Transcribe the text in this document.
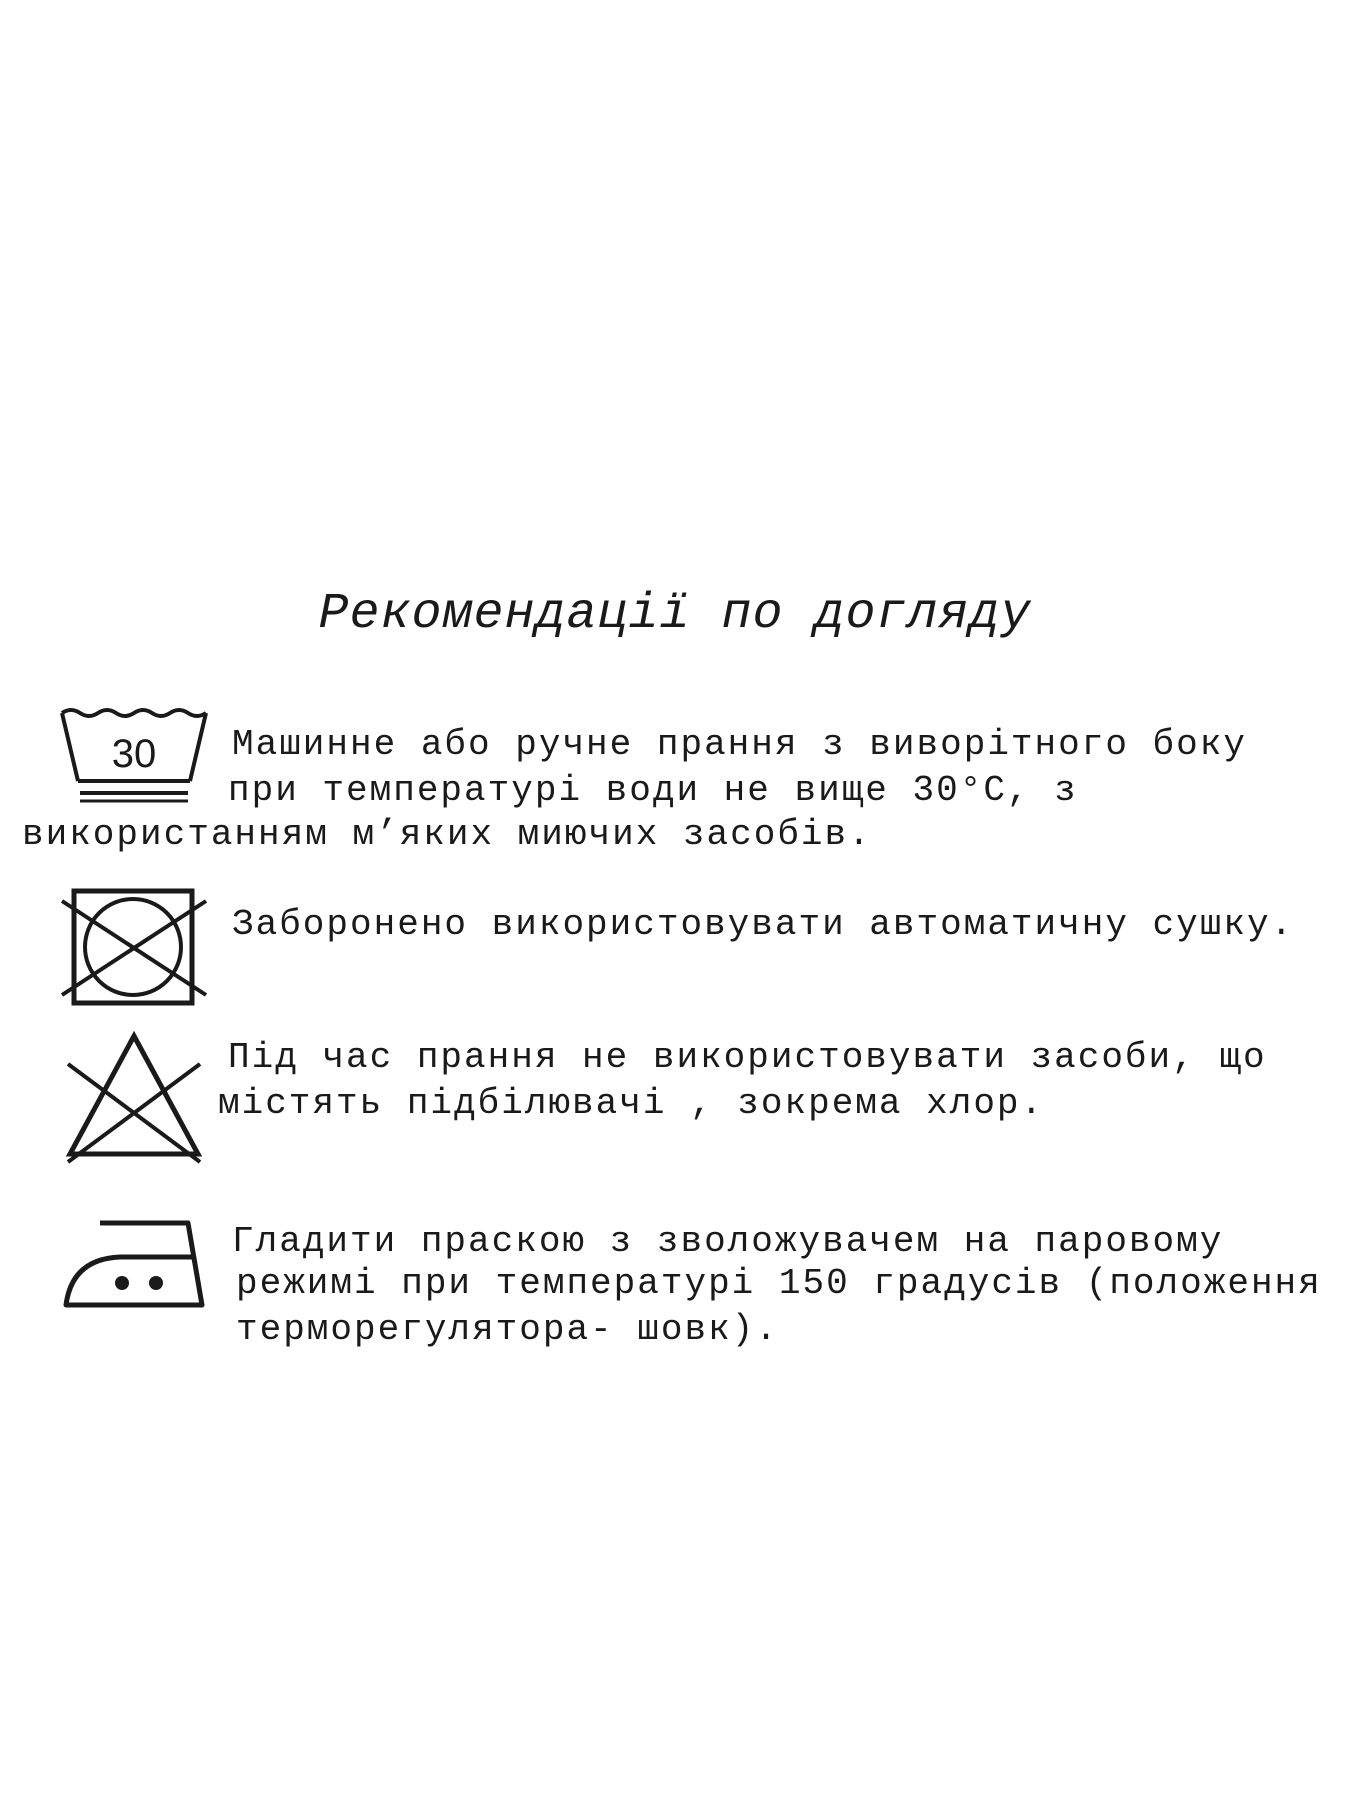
Рекомендації по догляду
30 Машинне або ручне прання з виворітного боку
при температурі води не вище 30°С, з
використанням м’яких миючих засобів.
Заборонено використовувати автоматичну сушку.
Під час прання не використовувати засоби, що
містять підбілювачі , зокрема хлор.
Гладити праскою з зволожувачем на паровому
режимі при температурі 150 градусів (положення
терморегулятора- шовк).
